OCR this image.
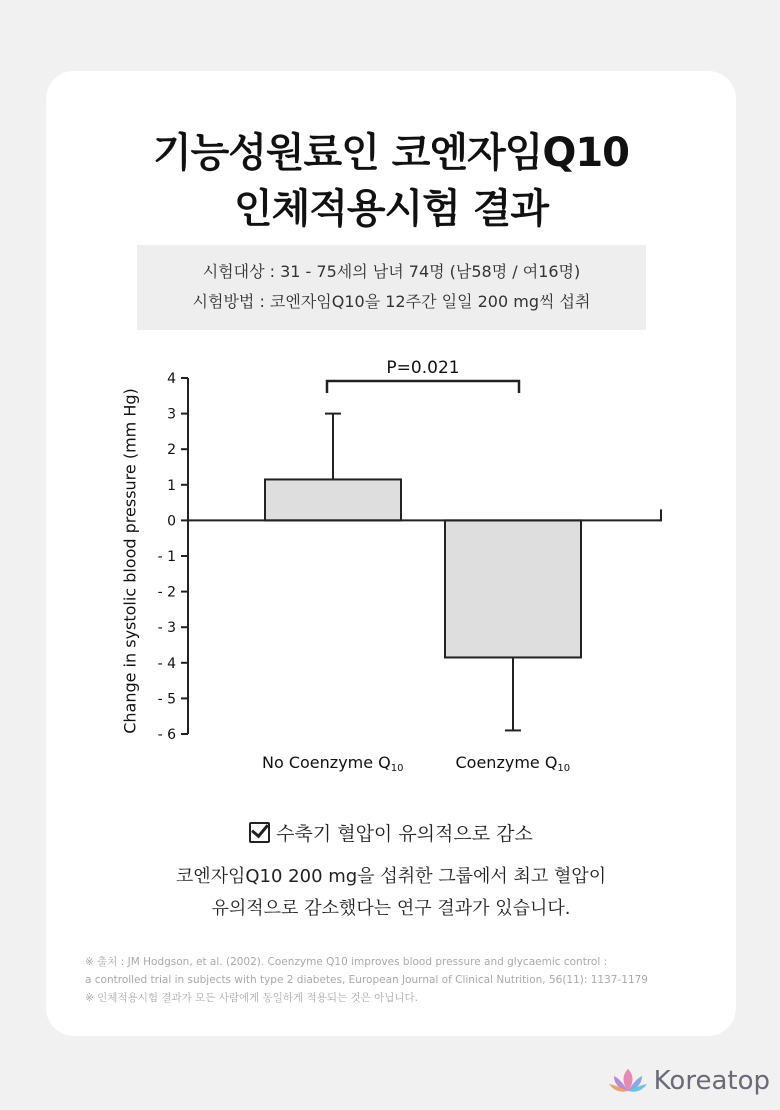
기능성원료인 코엔자임Q10
인체적용시험 결과
시험대상 : 31 - 75세의 남녀 74명 (남58명 / 여16명)
시험방법 : 코엔자임Q10을 12주간 일일 200 mg씩 섭취
4
3
2
1
0
- 1
- 2
- 3
- 4
- 5
- 6
P=0.021
Change in systolic blood pressure (mm Hg)
No Coenzyme $Q_{10}$	Coenzyme $Q_{10}$
수축기 혈압이 유의적으로 감소
코엔자임Q10 200 mg을 섭취한 그룹에서 최고 혈압이
유의적으로 감소했다는 연구 결과가 있습니다.
※ 출처 : JM Hodgson, et al. (2002). Coenzyme Q10 improves blood pressure and glycaemic control :
a controlled trial in subjects with type 2 diabetes, European Journal of Clinical Nutrition, 56(11): 1137-1179
※ 인체적용시험 결과가 모든 사람에게 동일하게 적용되는 것은 아닙니다.
Koreatop
